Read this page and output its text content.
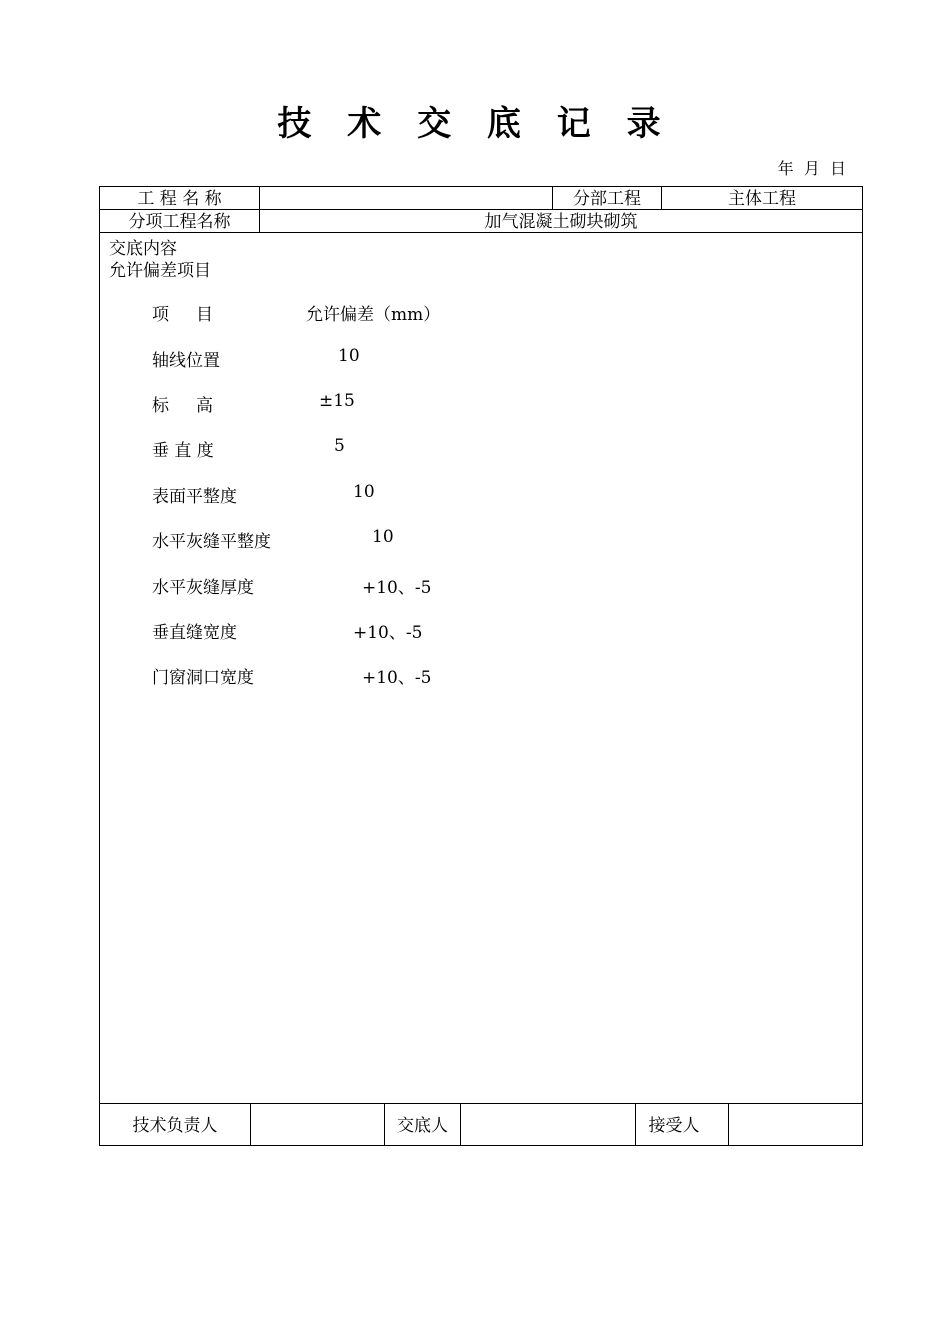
技 术 交 底 记 录
年  月  日
工 程 名 称	分部工程	主体工程
分项工程名称	加气混凝土砌块砌筑
交底内容
允许偏差项目
项     目	允许偏差（mm）
轴线位置	10
标     高	±15
垂 直 度	5
表面平整度	10
水平灰缝平整度	10
水平灰缝厚度	+10、-5
垂直缝宽度	+10、-5
门窗洞口宽度	+10、-5
技术负责人	交底人	接受人
